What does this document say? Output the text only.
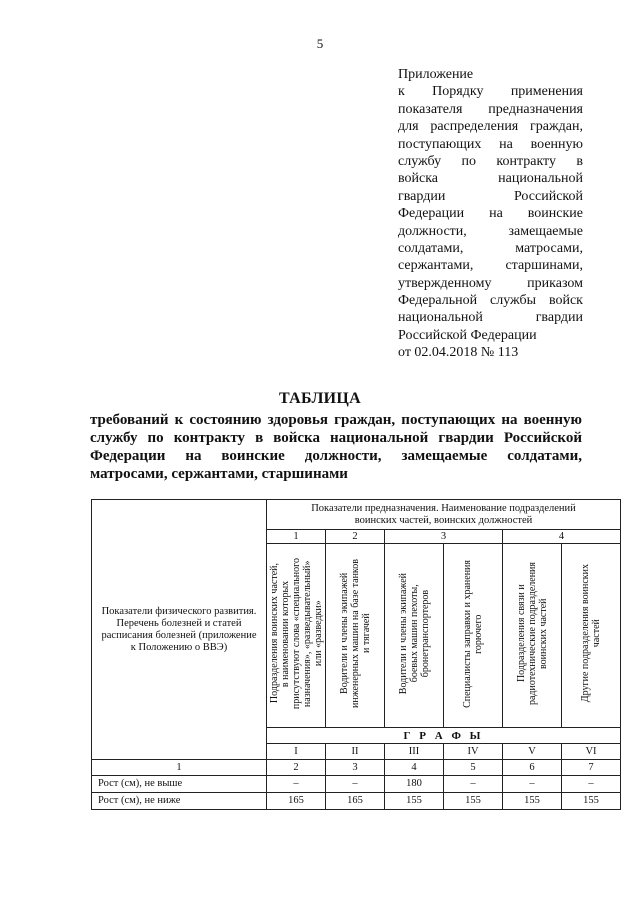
5
Приложение
к Порядку применения
показателя предназначения
для распределения граждан,
поступающих на военную
службу по контракту в
войска национальной
гвардии Российской
Федерации на воинские
должности, замещаемые
солдатами, матросами,
сержантами, старшинами,
утвержденному приказом
Федеральной службы войск
национальной гвардии
Российской Федерации
от 02.04.2018 № 113
ТАБЛИЦА
требований к состоянию здоровья граждан, поступающих на военную
службу по контракту в войска национальной гвардии Российской
Федерации на воинские должности, замещаемые солдатами,
матросами, сержантами, старшинами
Показатели физического развития.
Перечень болезней и статей
расписания болезней (приложение
к Положению о ВВЭ)	Показатели предназначения. Наименование подразделений
воинских частей, воинских должностей					
	1	2	3		4	
	Подразделения воинских частей,
в наименовании которых
присутствуют слова «специального
назначения», «разведывательный»
или «разведки»	Водители и члены экипажей
инженерных машин на базе танков
и тягачей	Водители и члены экипажей
боевых машин пехоты,
бронетранспортеров	Специалисты заправки и хранения
горючего	Подразделения связи и
радиотехнические подразделения
воинских частей	Другие подразделения воинских
частей
	Г Р А Ф Ы					
	I	II	III	IV	V	VI
1	2	3	4	5	6	7
Рост (см), не выше	–	–	180	–	–	–
Рост (см), не ниже	165	165	155	155	155	155
